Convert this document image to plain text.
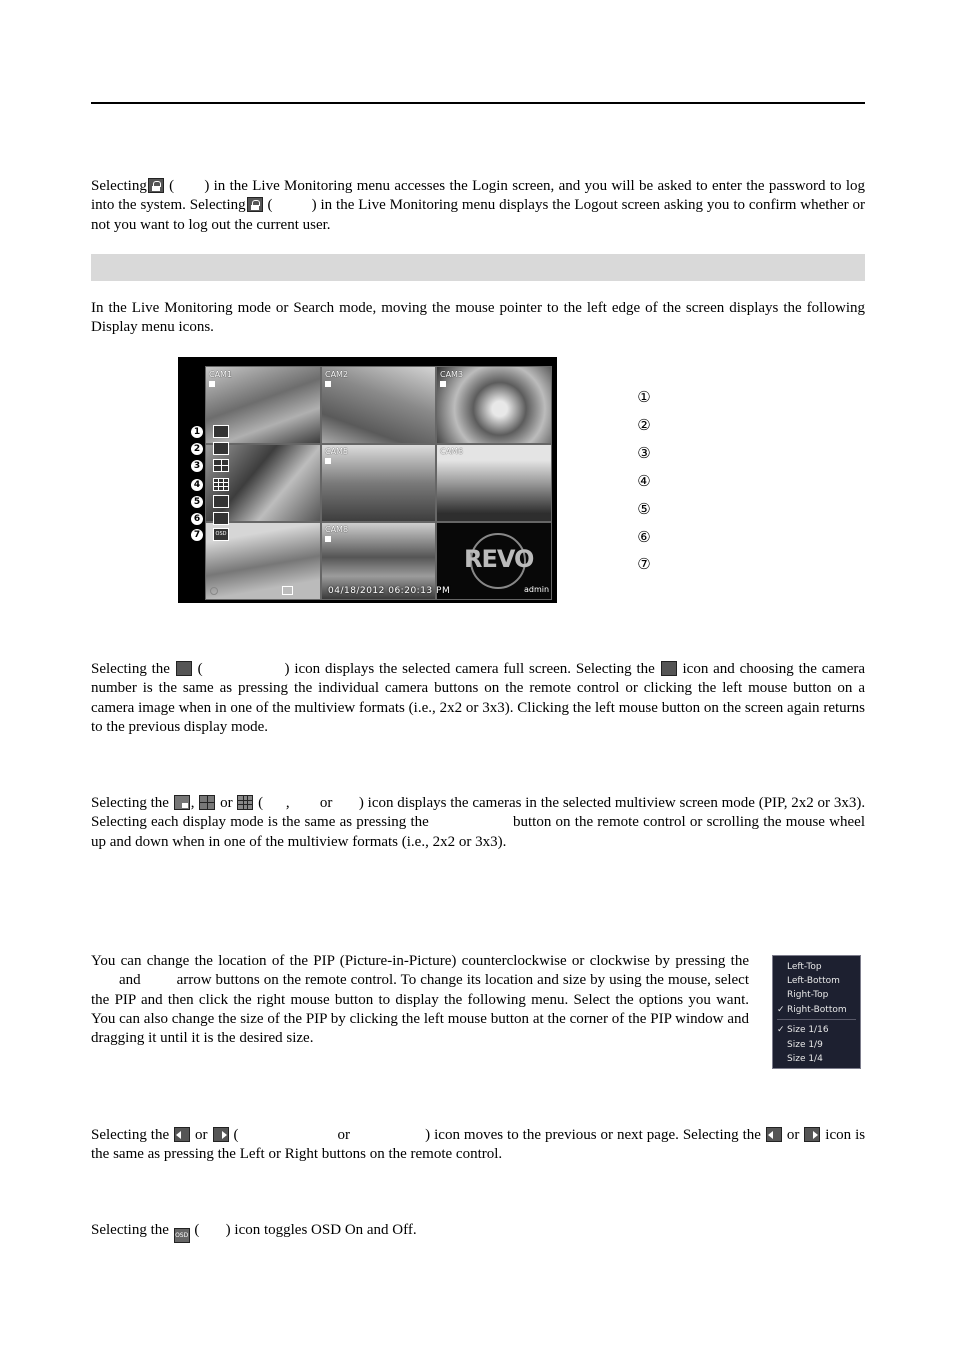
Selecting ( ) in the Live Monitoring menu accesses the Login screen, and you will be asked to enter the password to log into the system. Selecting (	) in the Live Monitoring menu displays the Logout screen asking you to confirm whether or not you want to log out the current user.
In the Live Monitoring mode or Search mode, moving the mouse pointer to the left edge of the screen displays the following Display menu icons.
CAM1	CAM2	CAM3
CAM5	CAM6
CAM8
REVO
admin
04/18/2012 06:20:13 PM
1
2
3
4
5
6
7	OSD
①
②
③
④
⑤
⑥
⑦
Selecting the  (	) icon displays the selected camera full screen. Selecting the  icon and choosing the camera number is the same as pressing the individual camera buttons on the remote control or clicking the left mouse button on a camera image when in one of the multiview formats (i.e., 2x2 or 3x3). Clicking the left mouse button on the screen again returns to the previous display mode.
Selecting the ,  or  ( , or ) icon displays the cameras in the selected multiview screen mode (PIP, 2x2 or 3x3). Selecting each display mode is the same as pressing the	button on the remote control or scrolling the mouse wheel up and down when in one of the multiview formats (i.e., 2x2 or 3x3).
You can change the location of the PIP (Picture-in-Picture) counterclockwise or clockwise by pressing the       and arrow buttons on the remote control. To change its location and size by using the mouse, select the PIP and then click the right mouse button to display the following menu. Select the options you want. You can also change the size of the PIP by clicking the left mouse button at the corner of the PIP window and dragging it until it is the desired size.
Left-Top
Left-Bottom
Right-Top
✓ Right-Bottom
✓ Size 1/16
Size 1/9
Size 1/4
Selecting the  or  (	or	) icon moves to the previous or next page. Selecting the  or  icon is the same as pressing the Left or Right buttons on the remote control.
Selecting the OSD ( ) icon toggles OSD On and Off.
